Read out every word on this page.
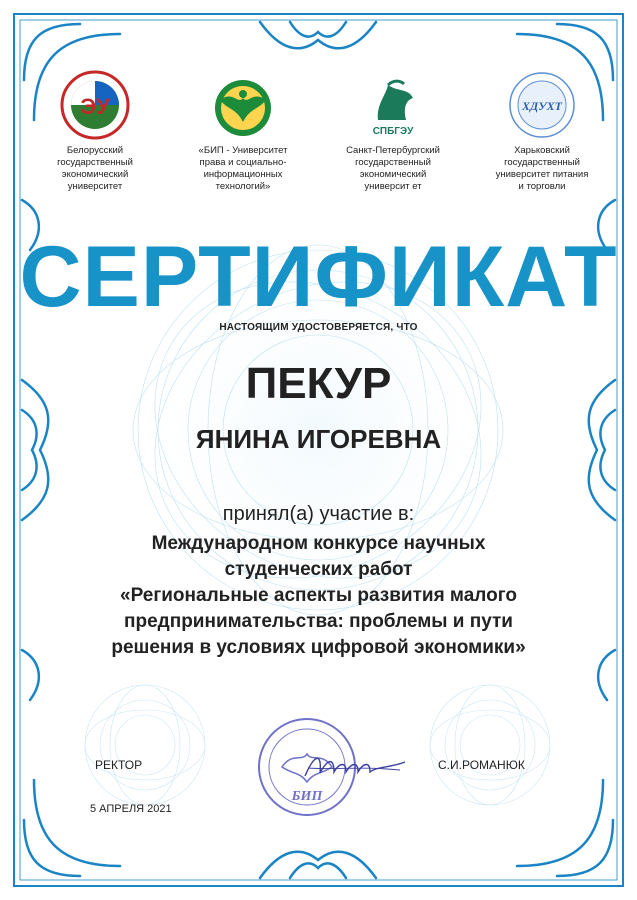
ЭУ
Белорусский
государственный
экономический
университет
«БИП - Университет
права и социально-
информационных
технологий»
СПБГЭУ
Санкт-Петербургский
государственный
экономический
университ ет
ХДУХТ
Харьковский
государственный
университет питания
и торговли
СЕРТИФИКАТ
НАСТОЯЩИМ УДОСТОВЕРЯЕТСЯ, ЧТО
ПЕКУР
ЯНИНА ИГОРЕВНА
принял(а) участие в:
Международном конкурсе научных
студенческих работ
«Региональные аспекты развития малого
предпринимательства: проблемы и пути
решения в условиях цифровой экономики»
БИП
РЕКТОР	С.И.РОМАНЮК
5 АПРЕЛЯ 2021
